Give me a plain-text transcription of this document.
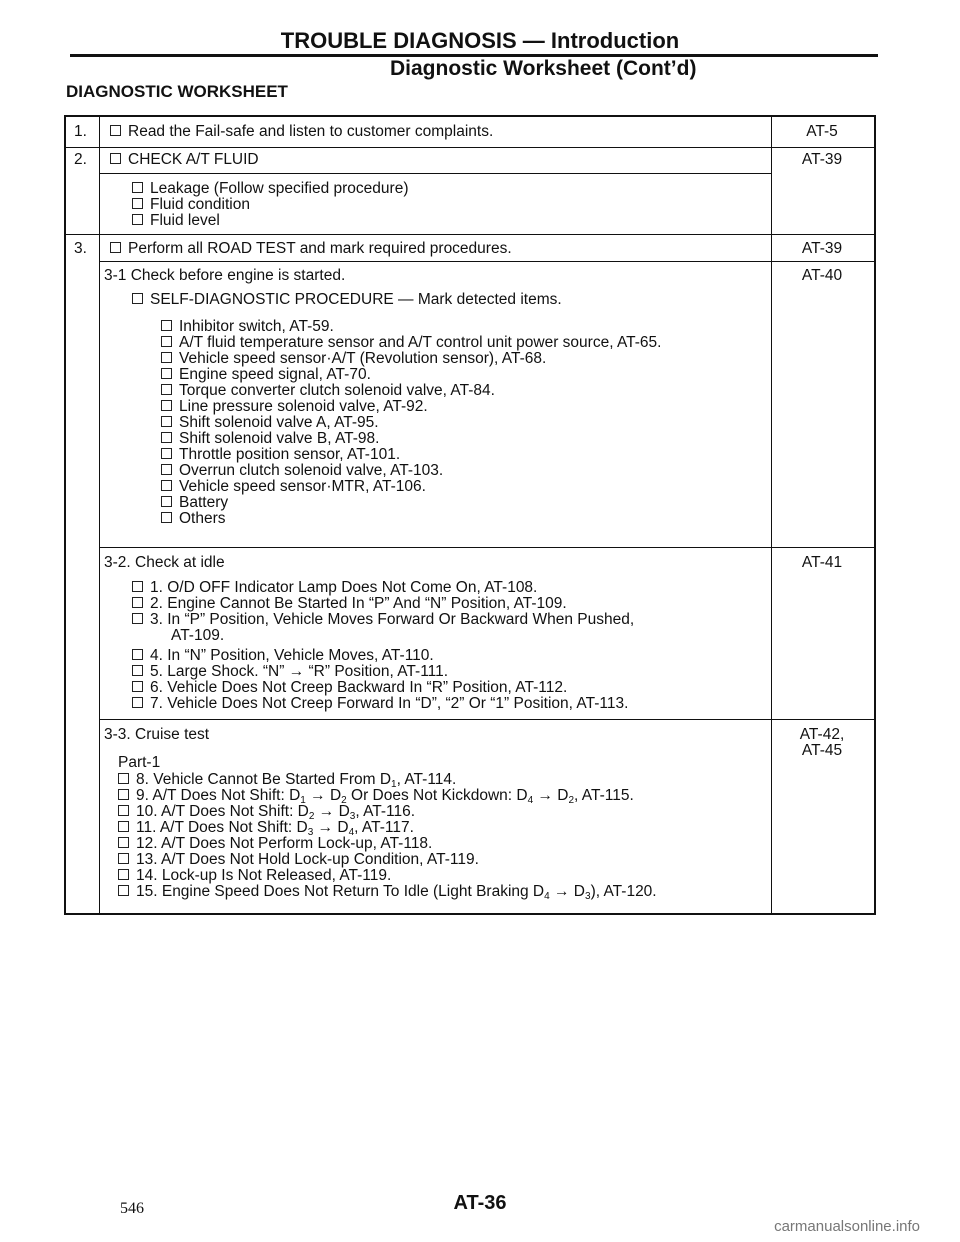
TROUBLE DIAGNOSIS — Introduction
Diagnostic Worksheet (Cont’d)
DIAGNOSTIC WORKSHEET
1.	Read the Fail-safe and listen to customer complaints.	AT-5
2.	CHECK A/T FLUID	AT-39
Leakage (Follow specified procedure)
Fluid condition
Fluid level
3.	Perform all ROAD TEST and mark required procedures.	AT-39
3-1 Check before engine is started.	AT-40
SELF-DIAGNOSTIC PROCEDURE — Mark detected items.
Inhibitor switch, AT-59.
A/T fluid temperature sensor and A/T control unit power source, AT-65.
Vehicle speed sensor·A/T (Revolution sensor), AT-68.
Engine speed signal, AT-70.
Torque converter clutch solenoid valve, AT-84.
Line pressure solenoid valve, AT-92.
Shift solenoid valve A, AT-95.
Shift solenoid valve B, AT-98.
Throttle position sensor, AT-101.
Overrun clutch solenoid valve, AT-103.
Vehicle speed sensor·MTR, AT-106.
Battery
Others
3-2. Check at idle	AT-41
1. O/D OFF Indicator Lamp Does Not Come On, AT-108.
2. Engine Cannot Be Started In “P” And “N” Position, AT-109.
3. In “P” Position, Vehicle Moves Forward Or Backward When Pushed,
AT-109.
4. In “N” Position, Vehicle Moves, AT-110.
5. Large Shock. “N” → “R” Position, AT-111.
6. Vehicle Does Not Creep Backward In “R” Position, AT-112.
7. Vehicle Does Not Creep Forward In “D”, “2” Or “1” Position, AT-113.
3-3. Cruise test	AT-42,
AT-45
Part-1
8. Vehicle Cannot Be Started From $D_1$, AT-114.
9. A/T Does Not Shift: $D_1 \to D_2$ Or Does Not Kickdown: $D_4 \to D_2$, AT-115.
10. A/T Does Not Shift: $D_2 \to D_3$, AT-116.
11. A/T Does Not Shift: $D_3 \to D_4$, AT-117.
12. A/T Does Not Perform Lock-up, AT-118.
13. A/T Does Not Hold Lock-up Condition, AT-119.
14. Lock-up Is Not Released, AT-119.
15. Engine Speed Does Not Return To Idle (Light Braking $D_4 \to D_3$), AT-120.
546	AT-36
carmanualsonline.info
